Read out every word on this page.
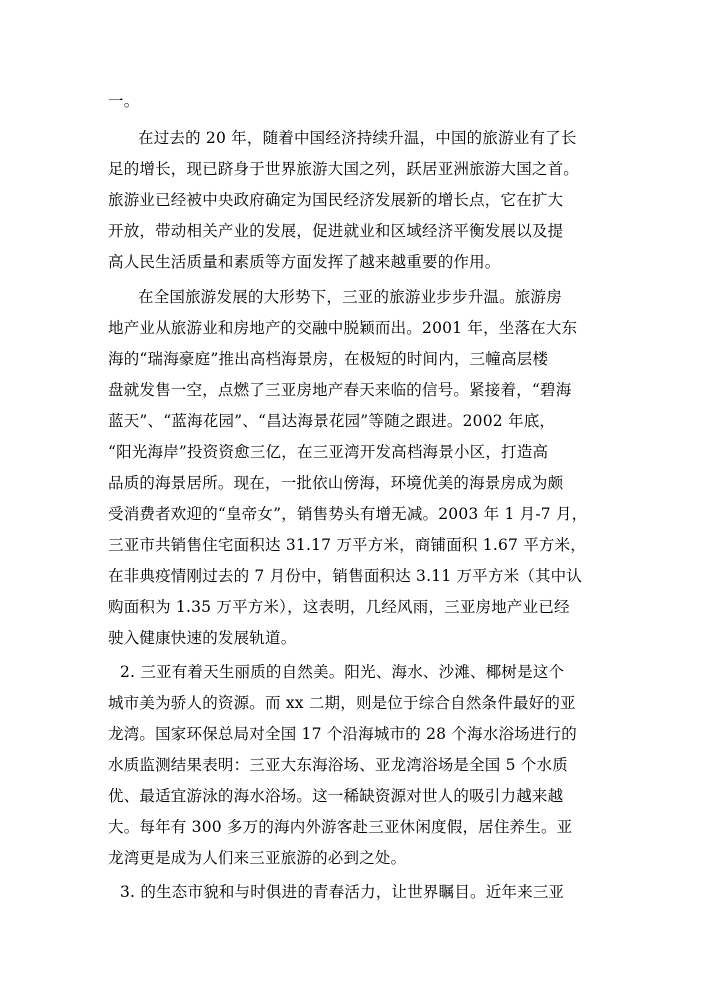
一。
在过去的 20 年，随着中国经济持续升温，中国的旅游业有了长
足的增长，现已跻身于世界旅游大国之列，跃居亚洲旅游大国之首。
旅游业已经被中央政府确定为国民经济发展新的增长点，它在扩大
开放，带动相关产业的发展，促进就业和区域经济平衡发展以及提
高人民生活质量和素质等方面发挥了越来越重要的作用。
在全国旅游发展的大形势下，三亚的旅游业步步升温。旅游房
地产业从旅游业和房地产的交融中脱颖而出。2001 年，坐落在大东
海的“瑞海豪庭”推出高档海景房，在极短的时间内，三幢高层楼
盘就发售一空，点燃了三亚房地产春天来临的信号。紧接着，“碧海
蓝天”、“蓝海花园”、“昌达海景花园”等随之跟进。2002 年底，
“阳光海岸”投资资愈三亿，在三亚湾开发高档海景小区，打造高
品质的海景居所。现在，一批依山傍海，环境优美的海景房成为颇
受消费者欢迎的“皇帝女”，销售势头有增无减。2003 年 1 月-7 月，
三亚市共销售住宅面积达 31.17 万平方米，商铺面积 1.67 平方米，
在非典疫情刚过去的 7 月份中，销售面积达 3.11 万平方米（其中认
购面积为 1.35 万平方米），这表明，几经风雨，三亚房地产业已经
驶入健康快速的发展轨道。
2. 三亚有着天生丽质的自然美。阳光、海水、沙滩、椰树是这个
城市美为骄人的资源。而 xx 二期，则是位于综合自然条件最好的亚
龙湾。国家环保总局对全国 17 个沿海城市的 28 个海水浴场进行的
水质监测结果表明：三亚大东海浴场、亚龙湾浴场是全国 5 个水质
优、最适宜游泳的海水浴场。这一稀缺资源对世人的吸引力越来越
大。每年有 300 多万的海内外游客赴三亚休闲度假，居住养生。亚
龙湾更是成为人们来三亚旅游的必到之处。
3. 的生态市貌和与时俱进的青春活力，让世界瞩目。近年来三亚
